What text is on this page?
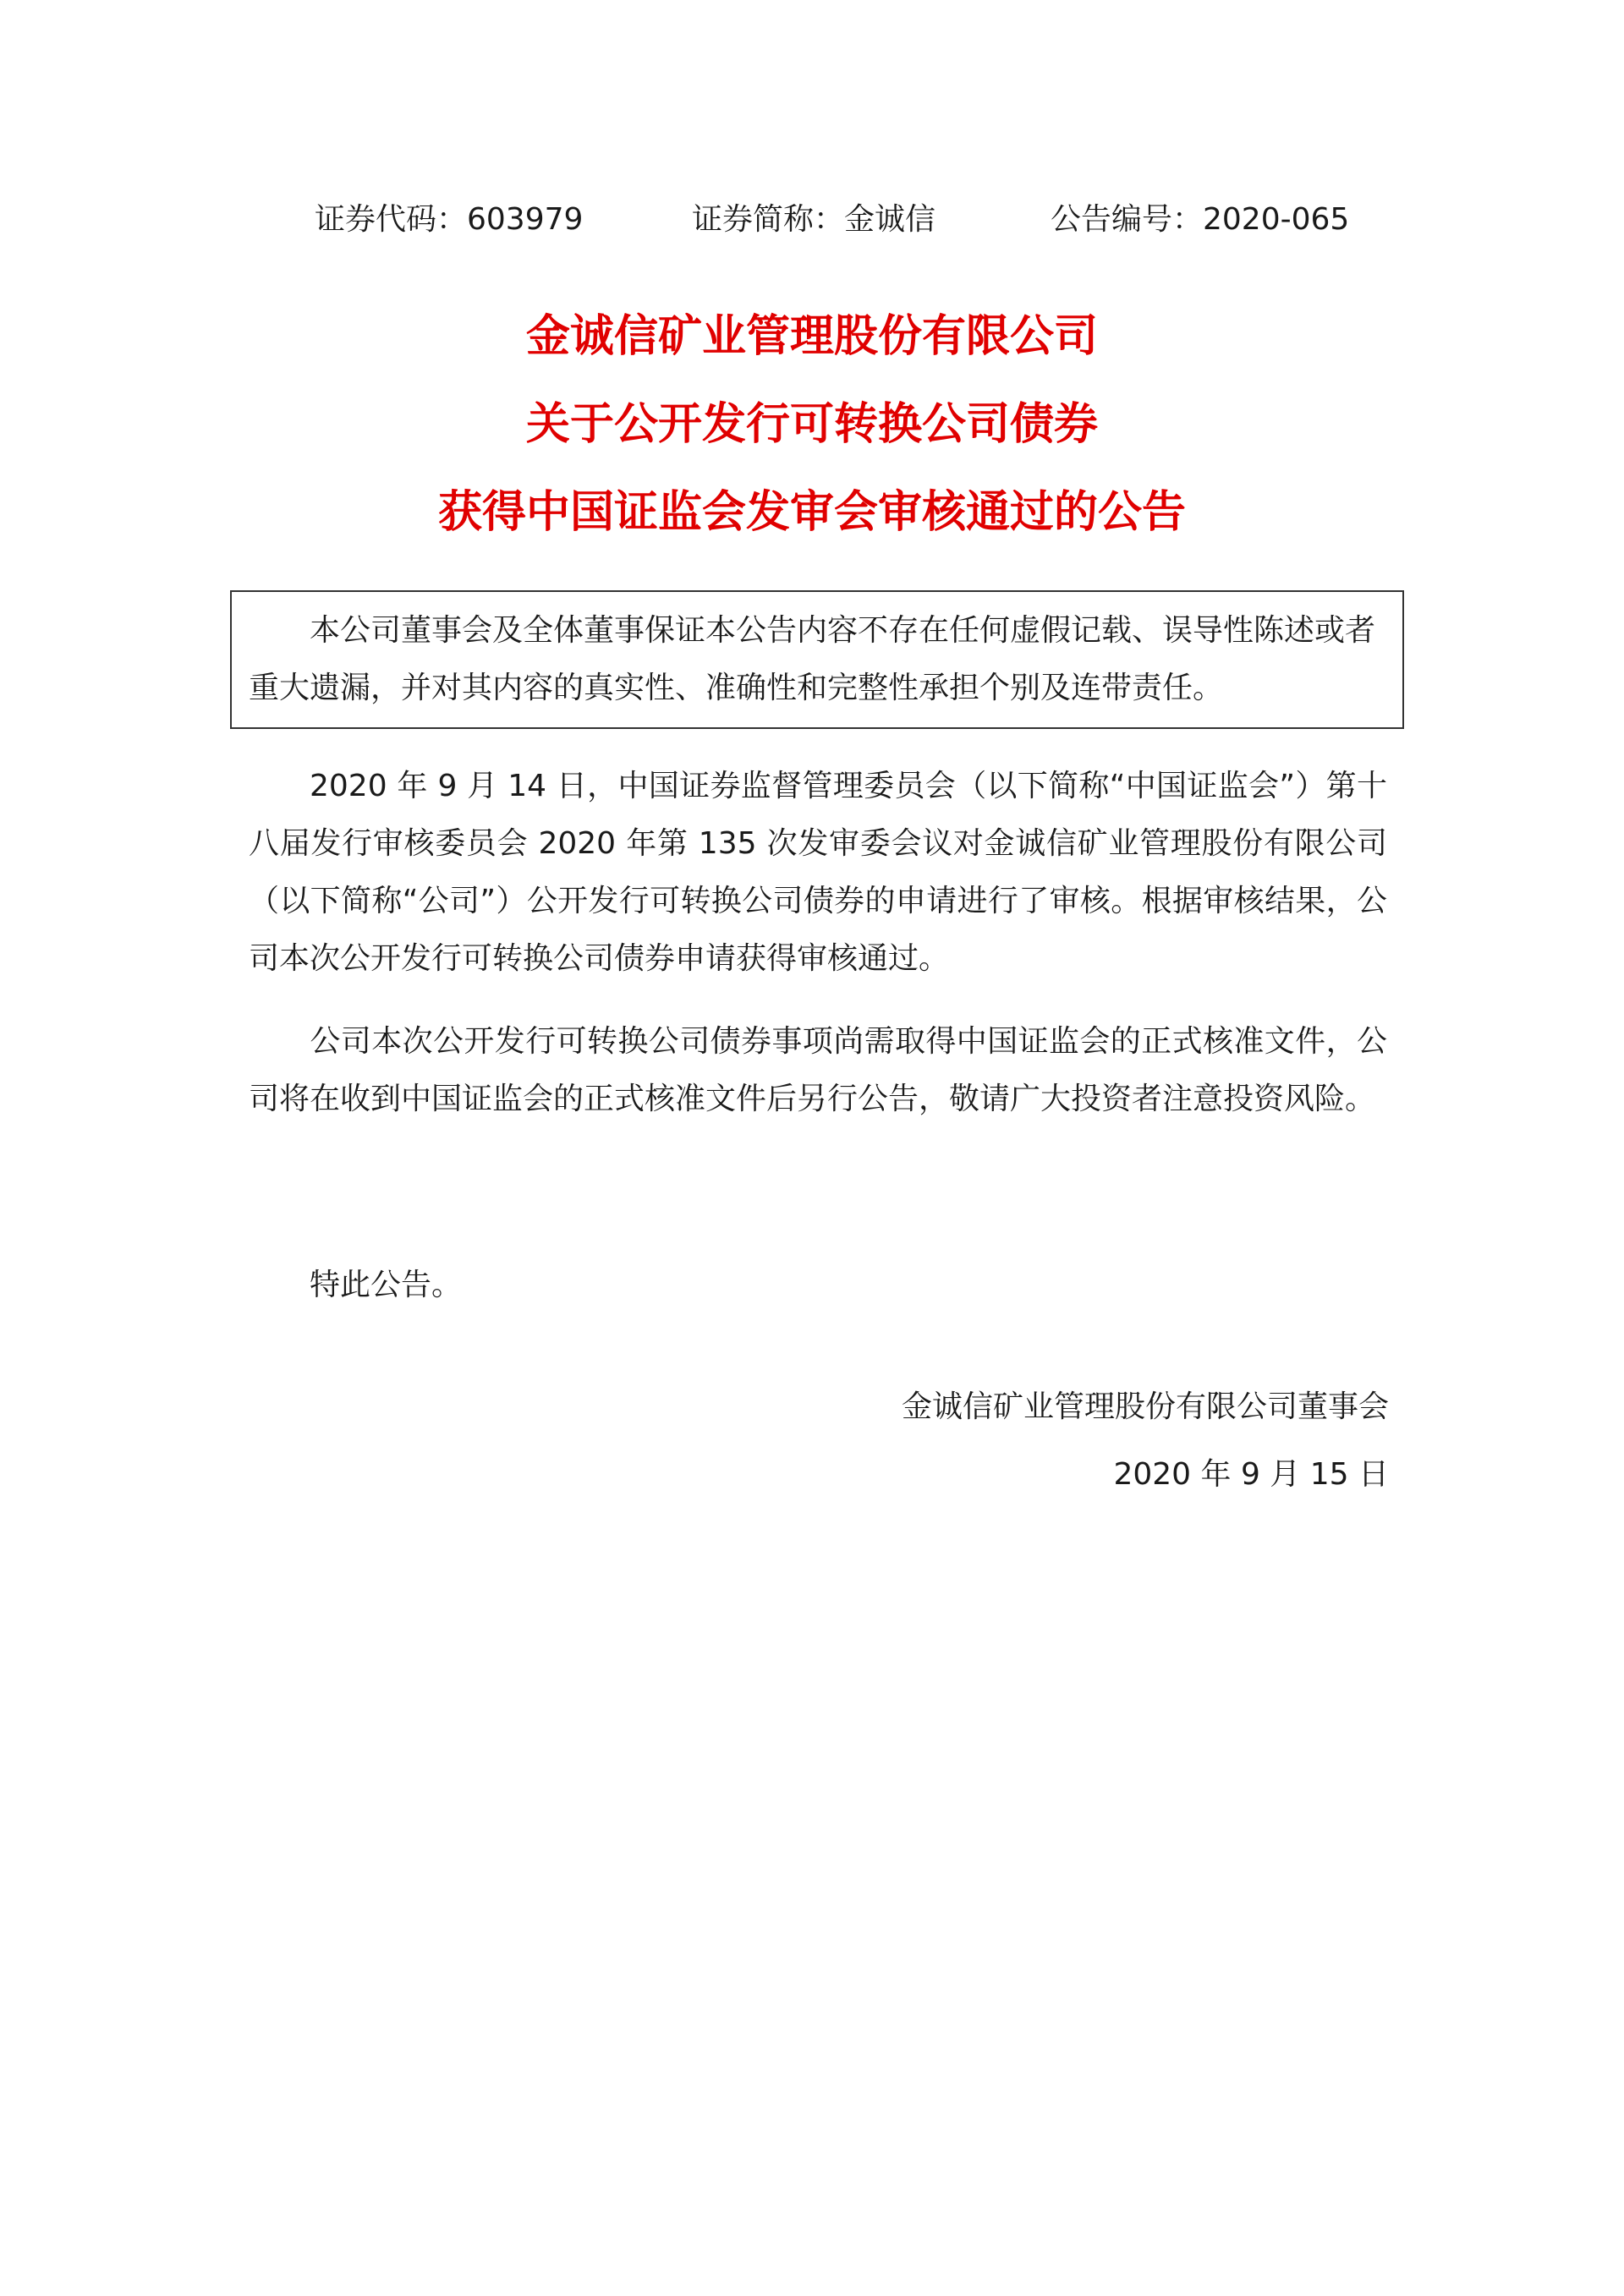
证券代码：603979	证券简称：金诚信	公告编号：2020-065
金诚信矿业管理股份有限公司
关于公开发行可转换公司债券
获得中国证监会发审会审核通过的公告
本公司董事会及全体董事保证本公告内容不存在任何虚假记载、误导性陈述或者重大遗漏，并对其内容的真实性、准确性和完整性承担个别及连带责任。
2020 年 9 月 14 日，中国证券监督管理委员会（以下简称“中国证监会”）第十八届发行审核委员会 2020 年第 135 次发审委会议对金诚信矿业管理股份有限公司（以下简称“公司”）公开发行可转换公司债券的申请进行了审核。根据审核结果，公司本次公开发行可转换公司债券申请获得审核通过。
公司本次公开发行可转换公司债券事项尚需取得中国证监会的正式核准文件，公司将在收到中国证监会的正式核准文件后另行公告，敬请广大投资者注意投资风险。
特此公告。
金诚信矿业管理股份有限公司董事会
2020 年 9 月 15 日
